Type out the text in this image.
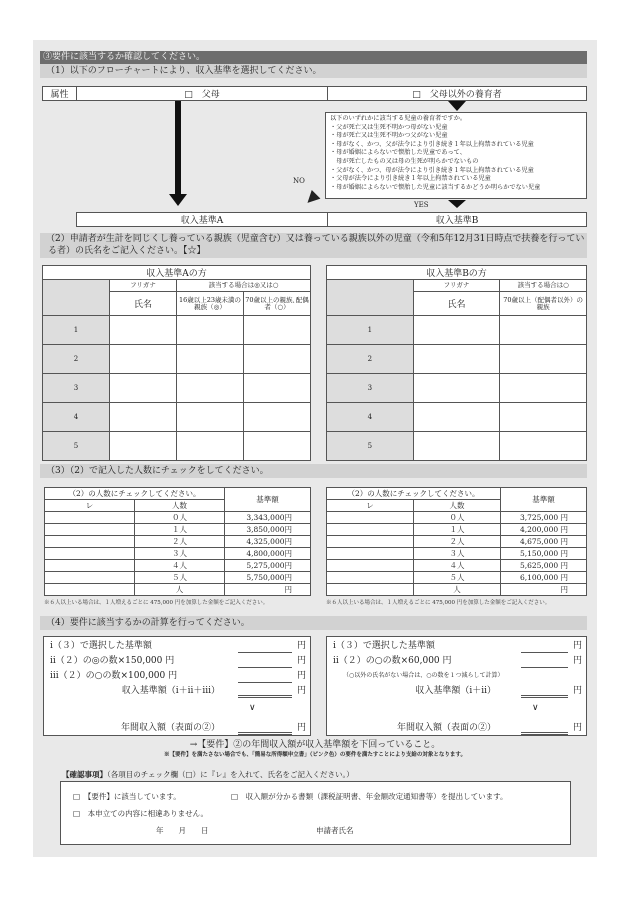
③要件に該当するか確認してください。
（1）以下のフローチャートにより、収入基準を選択してください。
属性	□　父母	□　父母以外の養育者
以下のいずれかに該当する児童の養育者ですか。
・父が死亡又は生死不明かつ母がない児童
・母が死亡又は生死不明かつ父がない児童
・母がなく、かつ、父が法令により引き続き１年以上拘禁されている児童
・母が婚姻によらないで懐胎した児童であって、
　母が死亡したもの又は母の生死が明らかでないもの
・父がなく、かつ、母が法令により引き続き１年以上拘禁されている児童
・父母が法令により引き続き１年以上拘禁されている児童
・母が婚姻によらないで懐胎した児童に該当するかどうか明らかでない児童
NO
◀	YES
収入基準A	収入基準B
（2）申請者が生計を同じくし養っている親族（児童含む）又は養っている親族以外の児童（令和5年12月31日時点で扶養を行っている者）の氏名をご記入ください。【☆】
収入基準Aの方			
	フリガナ	該当する場合は◎又は○	
	氏名	16歳以上23歳未満の親族（◎）	70歳以上の親族､配偶者（○）
1			
2			
3			
4			
5			
収入基準Bの方		
	フリガナ	該当する場合は○
	氏名	70歳以上（配偶者以外）の親族
1		
2		
3		
4		
5		
（3）（2）で記入した人数にチェックをしてください。
（2）の人数にチェックしてください。		基準額
レ	人数	
	０人	3,343,000円
	１人	3,850,000円
	２人	4,325,000円
	３人	4,800,000円
	４人	5,275,000円
	５人	5,750,000円
	人	円
（2）の人数にチェックしてください。		基準額
レ	人数	
	０人	3,725,000 円
	１人	4,200,000 円
	２人	4,675,000 円
	３人	5,150,000 円
	４人	5,625,000 円
	５人	6,100,000 円
	人	円
※６人以上いる場合は、１人増えるごとに 475,000 円を加算した金額をご記入ください。	※６人以上いる場合は、１人増えるごとに 475,000 円を加算した金額をご記入ください。
（4）要件に該当するかの計算を行ってください。
ⅰ（３）で選択した基準額	円
ⅱ（２）の◎の数×150,000 円	円
ⅲ（２）の○の数×100,000 円	円
収入基準額（ⅰ＋ⅱ＋ⅲ）	円
年間収入額（表面の②）	円
∨
ⅰ（３）で選択した基準額	円
ⅱ（２）の○の数×60,000 円	円
（○以外の氏名がない場合は、○の数を１つ減らして計算）
収入基準額（ⅰ＋ⅱ）	円
年間収入額（表面の②）	円
∨
→【要件】②の年間収入額が収入基準額を下回っていること。
※【要件】を満たさない場合でも、「簡易な所得額申立書」（ピンク色）の要件を満たすことにより支給の対象となります。
【確認事項】（各項目のチェック欄（□）に『レ』を入れて、氏名をご記入ください。）
□　【要件】に該当しています。	□　収入額が分かる書類（課税証明書、年金額改定通知書等）を提出しています。
□　本申立ての内容に相違ありません。
年　　月　　日	申請者氏名
